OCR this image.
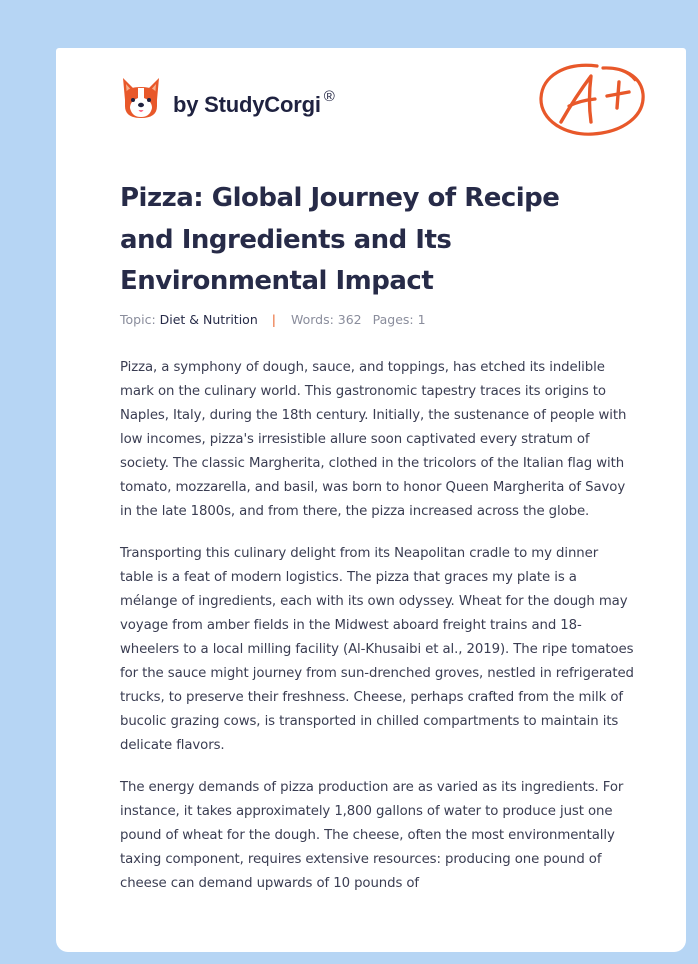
by StudyCorgi ®
Pizza: Global Journey of Recipe and Ingredients and Its Environmental Impact
Topic: Diet & Nutrition | Words: 362 Pages: 1

Pizza, a symphony of dough, sauce, and toppings, has etched its indelible mark on the culinary world. This gastronomic tapestry traces its origins to Naples, Italy, during the 18th century. Initially, the sustenance of people with low incomes, pizza's irresistible allure soon captivated every stratum of society. The classic Margherita, clothed in the tricolors of the Italian flag with tomato, mozzarella, and basil, was born to honor Queen Margherita of Savoy in the late 1800s, and from there, the pizza increased across the globe.

Transporting this culinary delight from its Neapolitan cradle to my dinner table is a feat of modern logistics. The pizza that graces my plate is a mélange of ingredients, each with its own odyssey. Wheat for the dough may voyage from amber fields in the Midwest aboard freight trains and 18-wheelers to a local milling facility (Al-Khusaibi et al., 2019). The ripe tomatoes for the sauce might journey from sun-drenched groves, nestled in refrigerated trucks, to preserve their freshness. Cheese, perhaps crafted from the milk of bucolic grazing cows, is transported in chilled compartments to maintain its delicate flavors.

The energy demands of pizza production are as varied as its ingredients. For instance, it takes approximately 1,800 gallons of water to produce just one pound of wheat for the dough. The cheese, often the most environmentally taxing component, requires extensive resources: producing one pound of cheese can demand upwards of 10 pounds of
